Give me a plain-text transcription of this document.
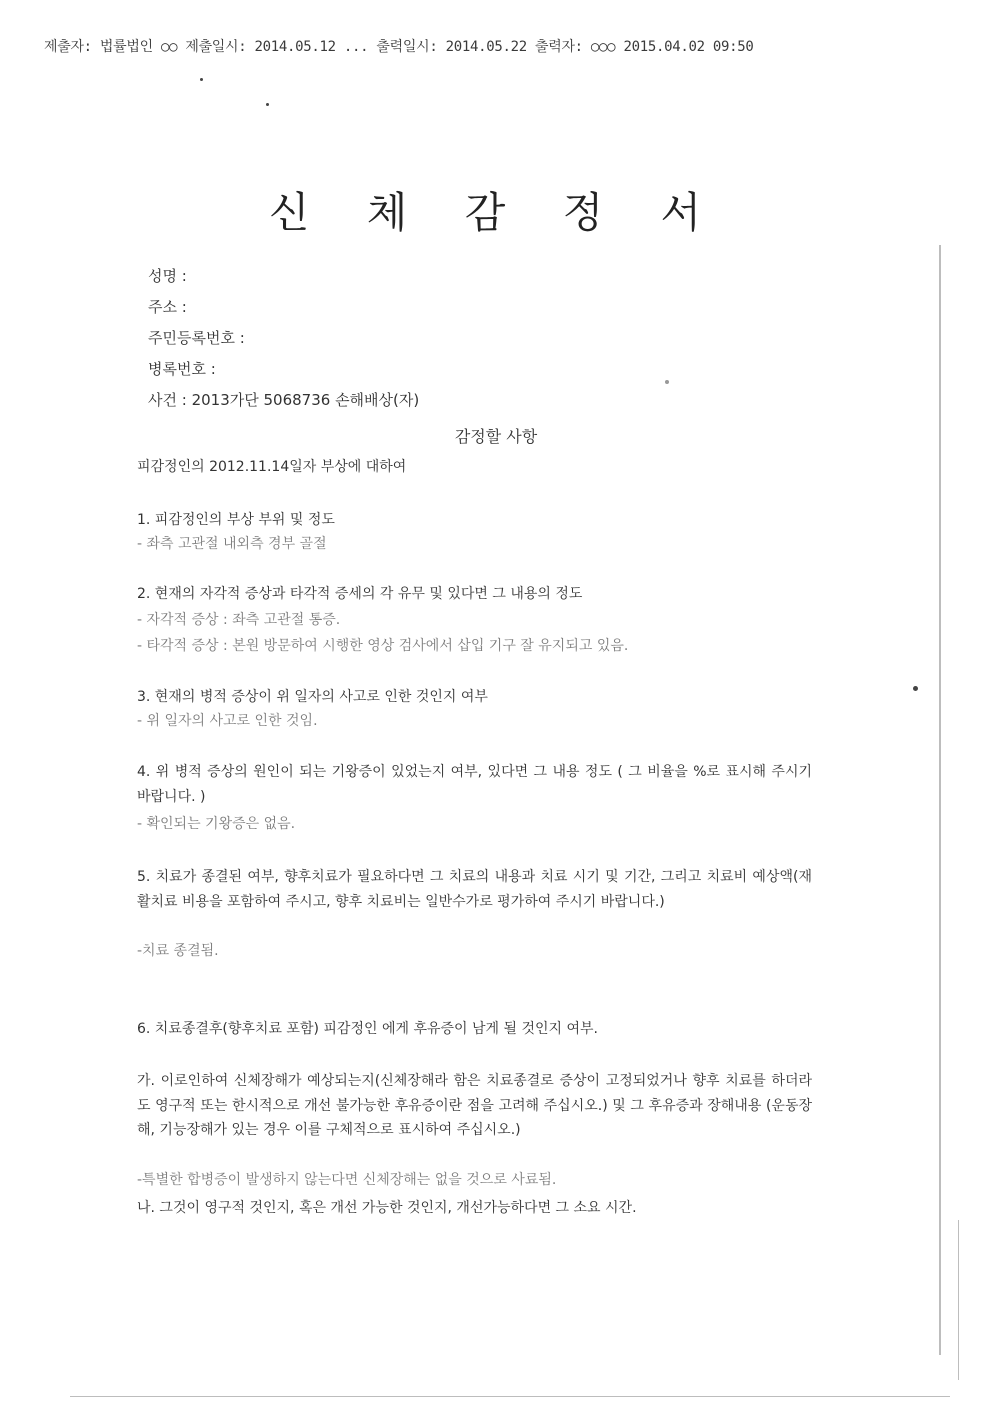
제출자: 법률법인 ○○ 제출일시: 2014.05.12 ... 출력일시: 2014.05.22 출력자: ○○○ 2015.04.02 09:50
신 체 감 정 서
성명 :
주소 :
주민등록번호 :
병록번호 :
사건 : 2013가단 5068736 손해배상(자)
감정할 사항
피감정인의 2012.11.14일자 부상에 대하여
1. 피감정인의 부상 부위 및 정도
- 좌측 고관절 내외측 경부 골절
2. 현재의 자각적 증상과 타각적 증세의 각 유무 및 있다면 그 내용의 정도
- 자각적 증상 : 좌측 고관절 통증.
- 타각적 증상 : 본원 방문하여 시행한 영상 검사에서 삽입 기구 잘 유지되고 있음.
3. 현재의 병적 증상이 위 일자의 사고로 인한 것인지 여부
- 위 일자의 사고로 인한 것임.
4. 위 병적 증상의 원인이 되는 기왕증이 있었는지 여부, 있다면 그 내용 정도 ( 그 비율을 %로 표시해 주시기 바랍니다. )
- 확인되는 기왕증은 없음.
5. 치료가 종결된 여부, 향후치료가 필요하다면 그 치료의 내용과 치료 시기 및 기간, 그리고 치료비 예상액(재활치료 비용을 포함하여 주시고, 향후 치료비는 일반수가로 평가하여 주시기 바랍니다.)
-치료 종결됨.
6. 치료종결후(향후치료 포함) 피감정인 에게 후유증이 남게 될 것인지 여부.
가. 이로인하여 신체장해가 예상되는지(신체장해라 함은 치료종결로 증상이 고정되었거나 향후 치료를 하더라도 영구적 또는 한시적으로 개선 불가능한 후유증이란 점을 고려해 주십시오.) 및 그 후유증과 장해내용 (운동장해, 기능장해가 있는 경우 이를 구체적으로 표시하여 주십시오.)
-특별한 합병증이 발생하지 않는다면 신체장해는 없을 것으로 사료됨.
나. 그것이 영구적 것인지, 혹은 개선 가능한 것인지, 개선가능하다면 그 소요 시간.
